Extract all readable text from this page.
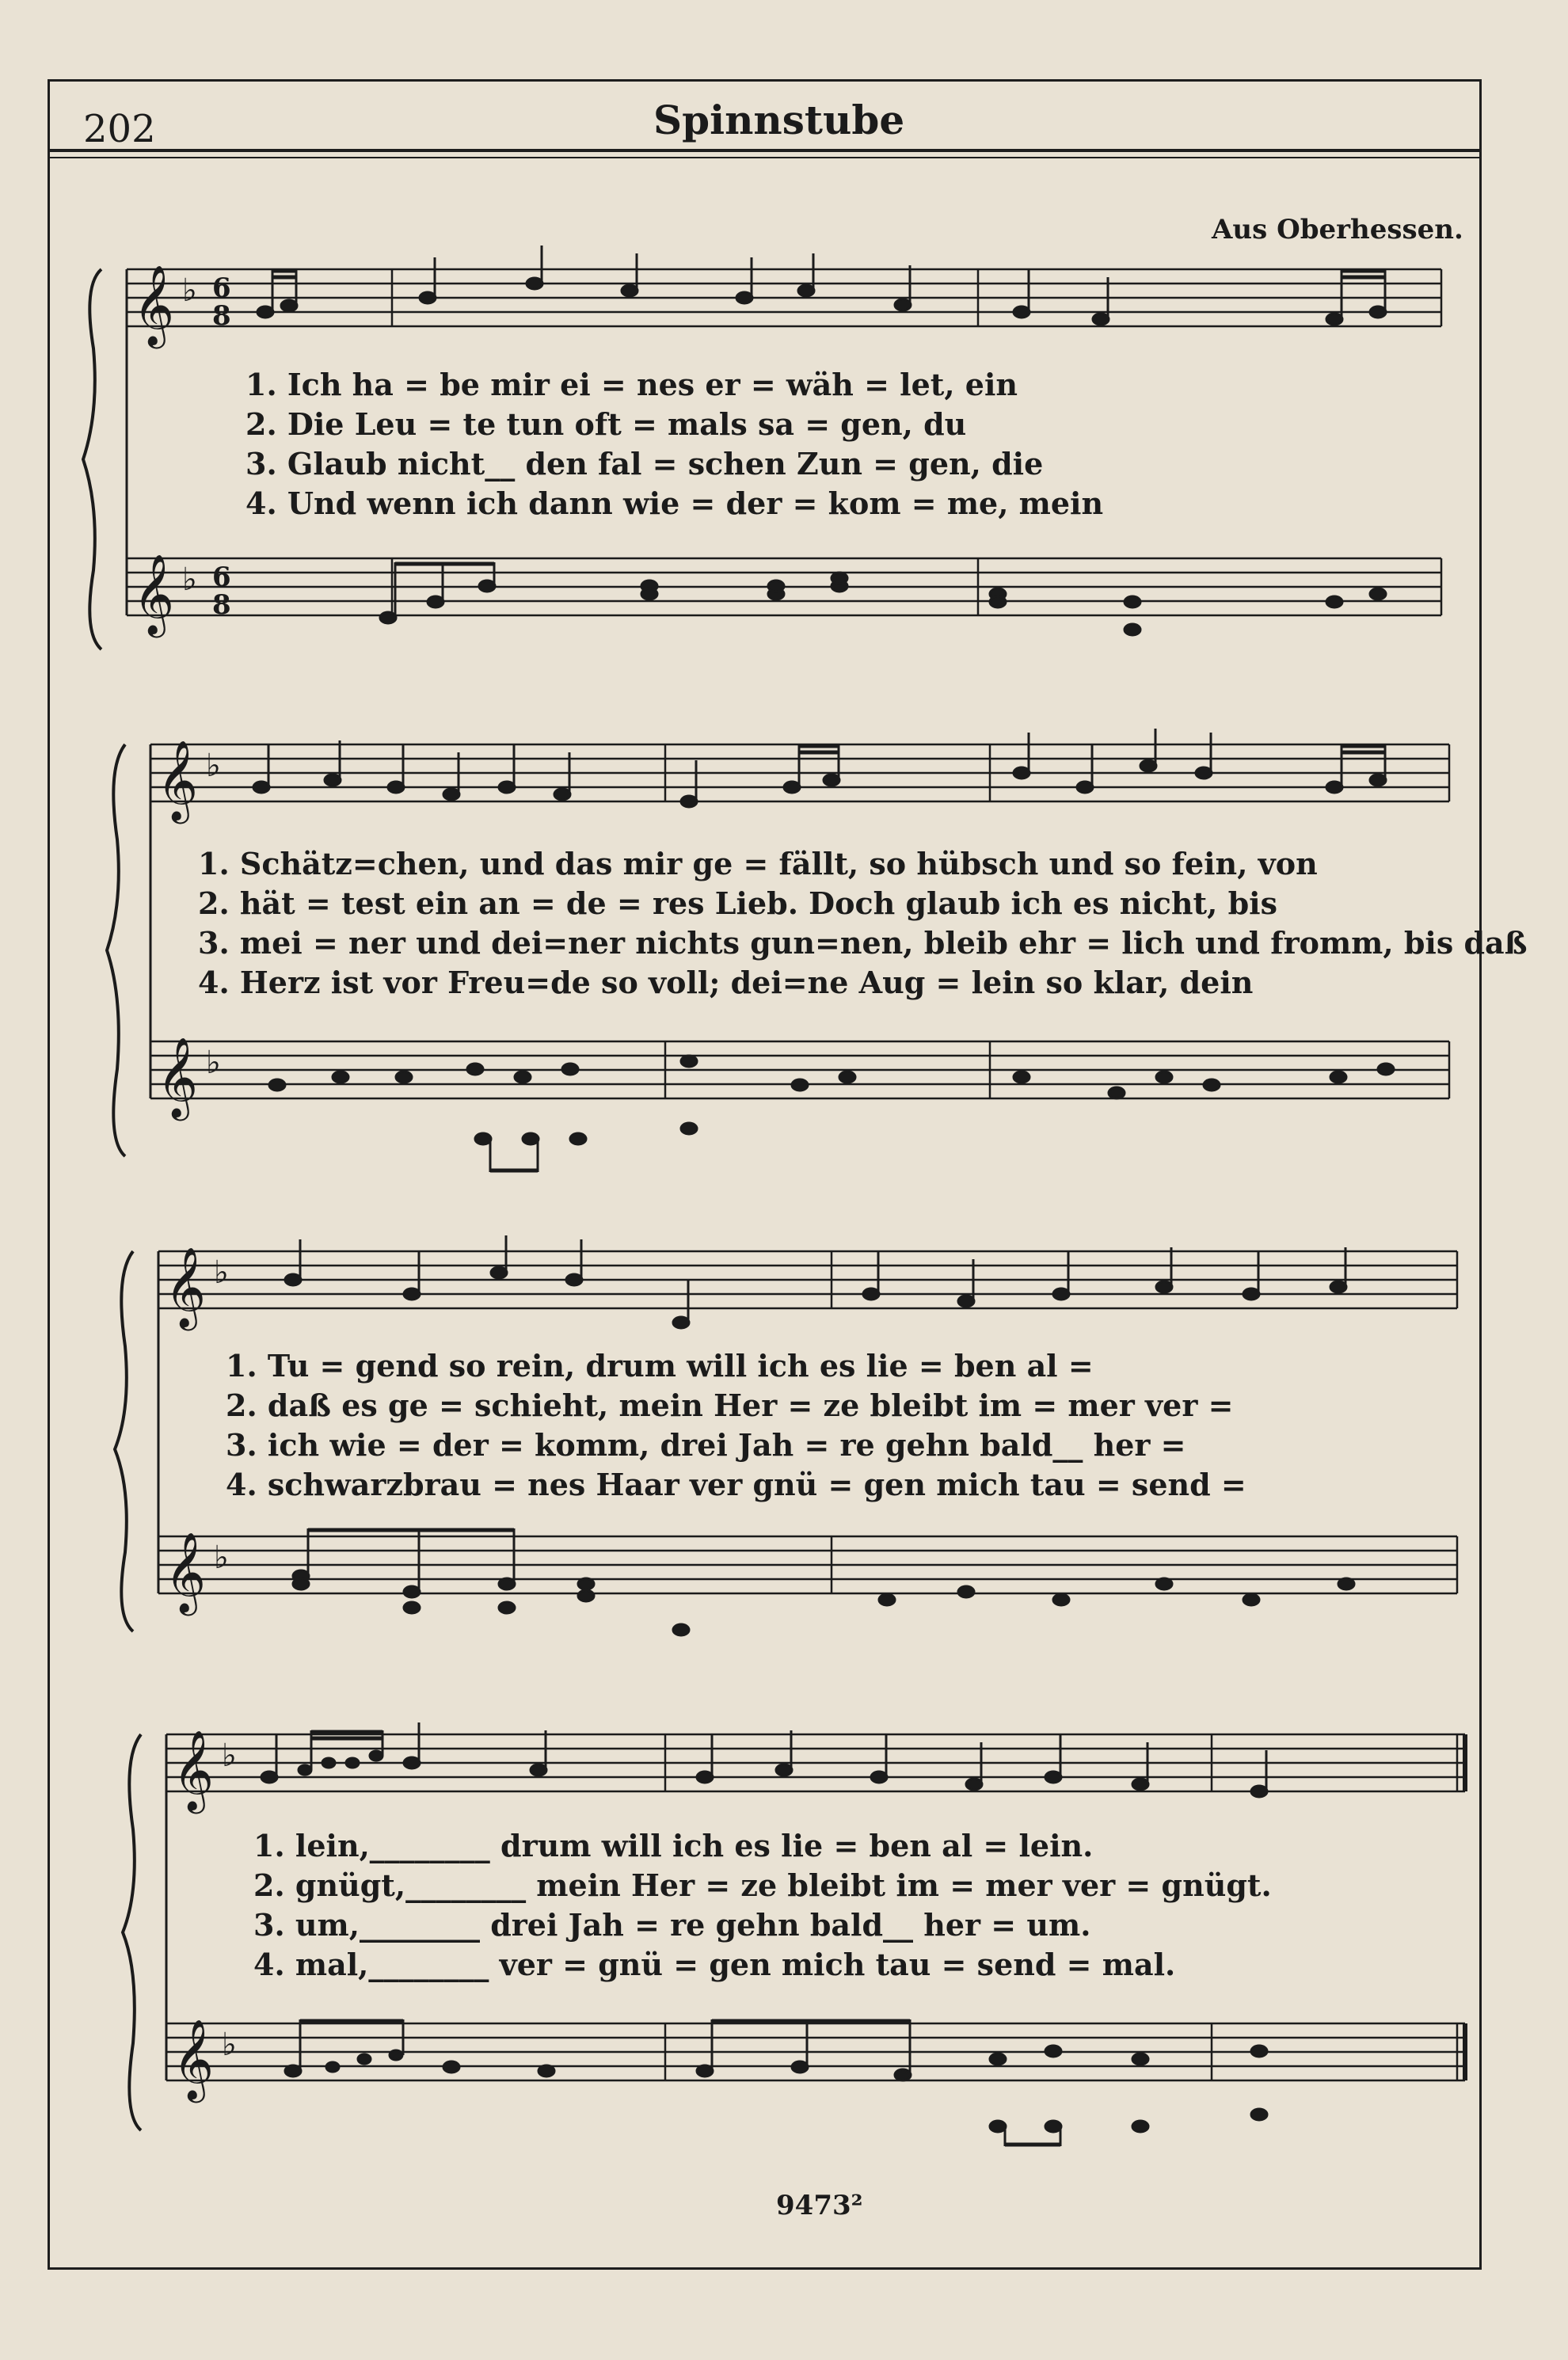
202	Spinnstube
Aus Oberhessen.
𝄞
𝄞
♭
♭
6
8
6
8
1. Ich ha = be mir ei = nes er = wäh = let, ein
2. Die Leu = te tun oft = mals sa = gen, du
3. Glaub nicht__ den fal = schen Zun = gen, die
4. Und wenn ich dann wie = der = kom = me, mein
𝄞
𝄞
♭
♭
1. Schätz=chen, und das mir ge = fällt, so hübsch und so fein, von
2. hät = test ein an = de = res Lieb. Doch glaub ich es nicht, bis
3. mei = ner und dei=ner nichts gun=nen, bleib ehr = lich und fromm, bis daß
4. Herz ist vor Freu=de so voll; dei=ne Aug = lein so klar, dein
𝄞
𝄞
♭
♭
1. Tu = gend so rein, drum will ich es lie = ben al =
2. daß es ge = schieht, mein Her = ze bleibt im = mer ver =
3. ich wie = der = komm, drei Jah = re gehn bald__ her =
4. schwarzbrau = nes Haar ver gnü = gen mich tau = send =
𝄞
𝄞
♭
♭
1. lein,________ drum will ich es lie = ben al = lein.
2. gnügt,________ mein Her = ze bleibt im = mer ver = gnügt.
3. um,________ drei Jah = re gehn bald__ her = um.
4. mal,________ ver = gnü = gen mich tau = send = mal.
9473²
